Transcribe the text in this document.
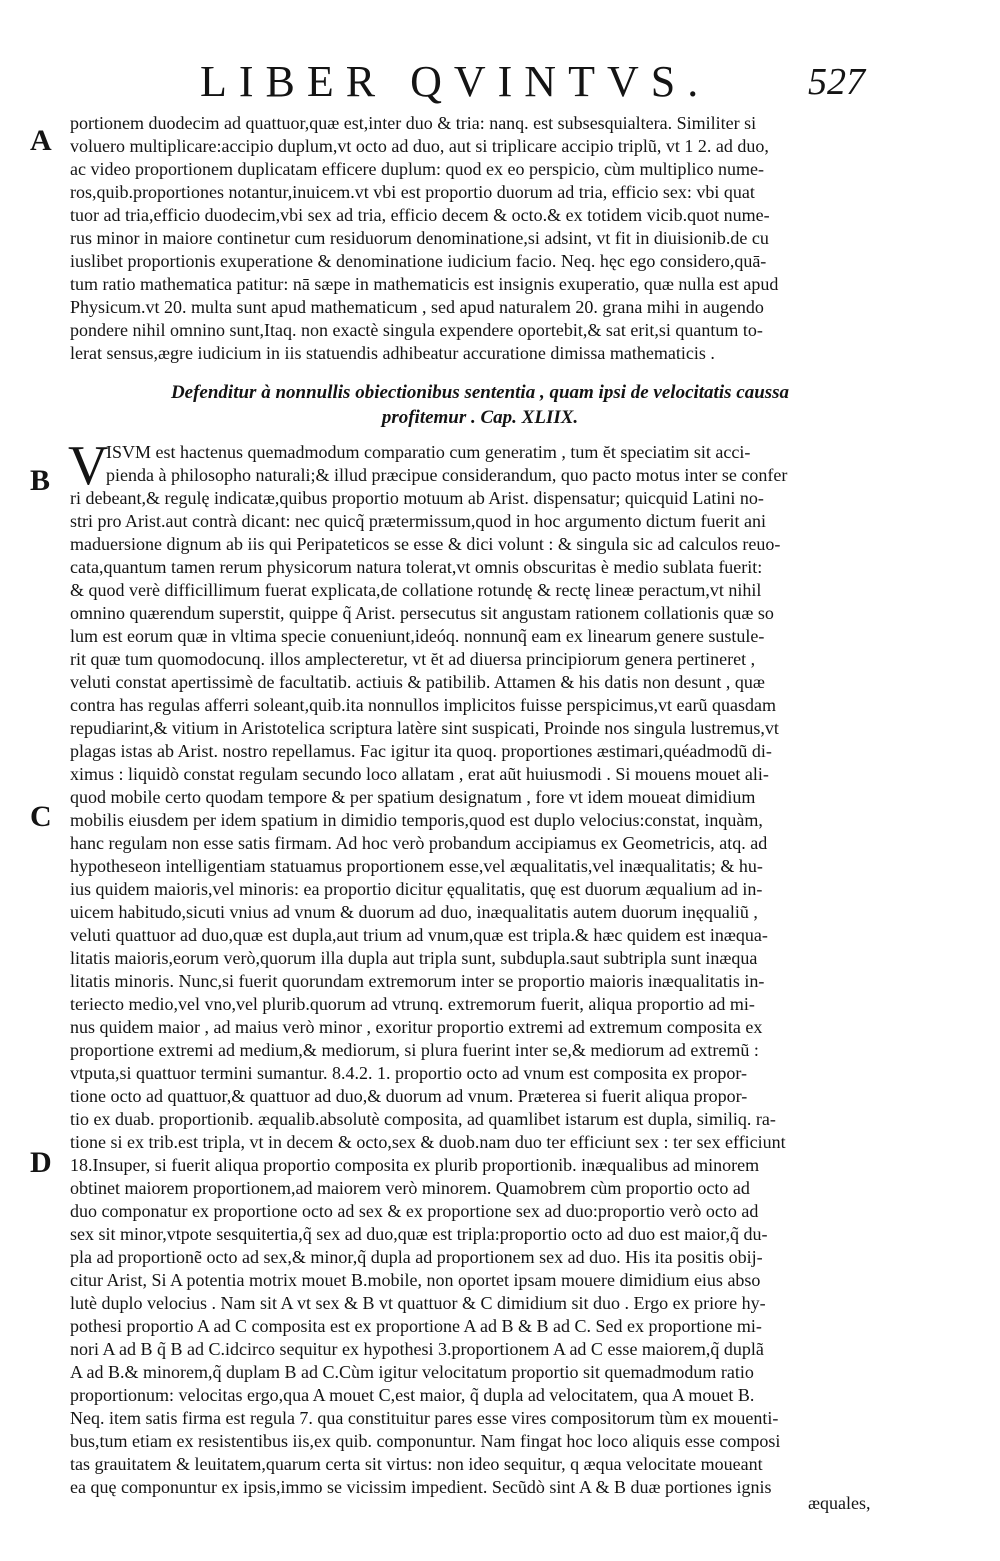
LIBER QVINTVS.	527
A
B
C
D
portionem duodecim ad quattuor,quæ est,inter duo & tria: nanq. est subsesquialtera. Similiter si
voluero multiplicare:accipio duplum,vt octo ad duo, aut si triplicare accipio triplũ, vt 1 2. ad duo,
ac video proportionem duplicatam efficere duplum: quod ex eo perspicio, cùm multiplico nume-
ros,quib.proportiones notantur,inuicem.vt vbi est proportio duorum ad tria, efficio sex: vbi quat
tuor ad tria,efficio duodecim,vbi sex ad tria, efficio decem & octo.& ex totidem vicib.quot nume-
rus minor in maiore continetur cum residuorum denominatione,si adsint, vt fit in diuisionib.de cu
iuslibet proportionis exuperatione & denominatione iudicium facio. Neq. hęc ego considero,quā-
tum ratio mathematica patitur: nā sæpe in mathematicis est insignis exuperatio, quæ nulla est apud
Physicum.vt 20. multa sunt apud mathematicum , sed apud naturalem 20. grana mihi in augendo
pondere nihil omnino sunt,Itaq. non exactè singula expendere oportebit,& sat erit,si quantum to-
lerat sensus,ægre iudicium in iis statuendis adhibeatur accuratione dimissa mathematicis .
Defenditur à nonnullis obiectionibus sententia , quam ipsi de velocitatis caussa
profitemur . Cap. XLIIX.
V
ISVM est hactenus quemadmodum comparatio cum generatim , tum ĕt speciatim sit acci-
pienda à philosopho naturali;& illud præcipue considerandum, quo pacto motus inter se confer
ri debeant,& regulę indicatæ,quibus proportio motuum ab Arist. dispensatur; quicquid Latini no-
stri pro Arist.aut contrà dicant: nec quicq̃ prætermissum,quod in hoc argumento dictum fuerit ani
maduersione dignum ab iis qui Peripateticos se esse & dici volunt : & singula sic ad calculos reuo-
cata,quantum tamen rerum physicorum natura tolerat,vt omnis obscuritas è medio sublata fuerit:
& quod verè difficillimum fuerat explicata,de collatione rotundę & rectę lineæ peractum,vt nihil
omnino quærendum superstit, quippe q̃ Arist. persecutus sit angustam rationem collationis quæ so
lum est eorum quæ in vltima specie conueniunt,ideóq. nonnunq̃ eam ex linearum genere sustule-
rit quæ tum quomodocunq. illos amplecteretur, vt ĕt ad diuersa principiorum genera pertineret ,
veluti constat apertissimè de facultatib. actiuis & patibilib. Attamen & his datis non desunt , quæ
contra has regulas afferri soleant,quib.ita nonnullos implicitos fuisse perspicimus,vt earũ quasdam
repudiarint,& vitium in Aristotelica scriptura latère sint suspicati, Proinde nos singula lustremus,vt
plagas istas ab Arist. nostro repellamus. Fac igitur ita quoq. proportiones æstimari,quéadmodũ di-
ximus : liquidò constat regulam secundo loco allatam , erat aũt huiusmodi . Si mouens mouet ali-
quod mobile certo quodam tempore & per spatium designatum , fore vt idem moueat dimidium
mobilis eiusdem per idem spatium in dimidio temporis,quod est duplo velocius:constat, inquàm,
hanc regulam non esse satis firmam. Ad hoc verò probandum accipiamus ex Geometricis, atq. ad
hypotheseon intelligentiam statuamus proportionem esse,vel æqualitatis,vel inæqualitatis; & hu-
ius quidem maioris,vel minoris: ea proportio dicitur ęqualitatis, quę est duorum æqualium ad in-
uicem habitudo,sicuti vnius ad vnum & duorum ad duo, inæqualitatis autem duorum inęqualiũ ,
veluti quattuor ad duo,quæ est dupla,aut trium ad vnum,quæ est tripla.& hæc quidem est inæqua-
litatis maioris,eorum verò,quorum illa dupla aut tripla sunt, subdupla.saut subtripla sunt inæqua
litatis minoris. Nunc,si fuerit quorundam extremorum inter se proportio maioris inæqualitatis in-
teriecto medio,vel vno,vel plurib.quorum ad vtrunq. extremorum fuerit, aliqua proportio ad mi-
nus quidem maior , ad maius verò minor , exoritur proportio extremi ad extremum composita ex
proportione extremi ad medium,& mediorum, si plura fuerint inter se,& mediorum ad extremũ :
vtputa,si quattuor termini sumantur. 8.4.2. 1. proportio octo ad vnum est composita ex propor-
tione octo ad quattuor,& quattuor ad duo,& duorum ad vnum. Præterea si fuerit aliqua propor-
tio ex duab. proportionib. æqualib.absolutè composita, ad quamlibet istarum est dupla, similiq. ra-
tione si ex trib.est tripla, vt in decem & octo,sex & duob.nam duo ter efficiunt sex : ter sex efficiunt
18.Insuper, si fuerit aliqua proportio composita ex plurib proportionib. inæqualibus ad minorem
obtinet maiorem proportionem,ad maiorem verò minorem. Quamobrem cùm proportio octo ad
duo componatur ex proportione octo ad sex & ex proportione sex ad duo:proportio verò octo ad
sex sit minor,vtpote sesquitertia,q̃ sex ad duo,quæ est tripla:proportio octo ad duo est maior,q̃ du-
pla ad proportionẽ octo ad sex,& minor,q̃ dupla ad proportionem sex ad duo. His ita positis obij-
citur Arist, Si A potentia motrix mouet B.mobile, non oportet ipsam mouere dimidium eius abso
lutè duplo velocius . Nam sit A vt sex & B vt quattuor & C dimidium sit duo . Ergo ex priore hy-
pothesi proportio A ad C composita est ex proportione A ad B & B ad C. Sed ex proportione mi-
nori A ad B q̃ B ad C.idcirco sequitur ex hypothesi 3.proportionem A ad C esse maiorem,q̃ duplã
A ad B.& minorem,q̃ duplam B ad C.Cùm igitur velocitatum proportio sit quemadmodum ratio
proportionum: velocitas ergo,qua A mouet C,est maior, q̃ dupla ad velocitatem, qua A mouet B.
Neq. item satis firma est regula 7. qua constituitur pares esse vires compositorum tùm ex mouenti-
bus,tum etiam ex resistentibus iis,ex quib. componuntur. Nam fingat hoc loco aliquis esse composi
tas grauitatem & leuitatem,quarum certa sit virtus: non ideo sequitur, q æqua velocitate moueant
ea quę componuntur ex ipsis,immo se vicissim impedient. Secũdò sint A & B duæ portiones ignis
æquales,
